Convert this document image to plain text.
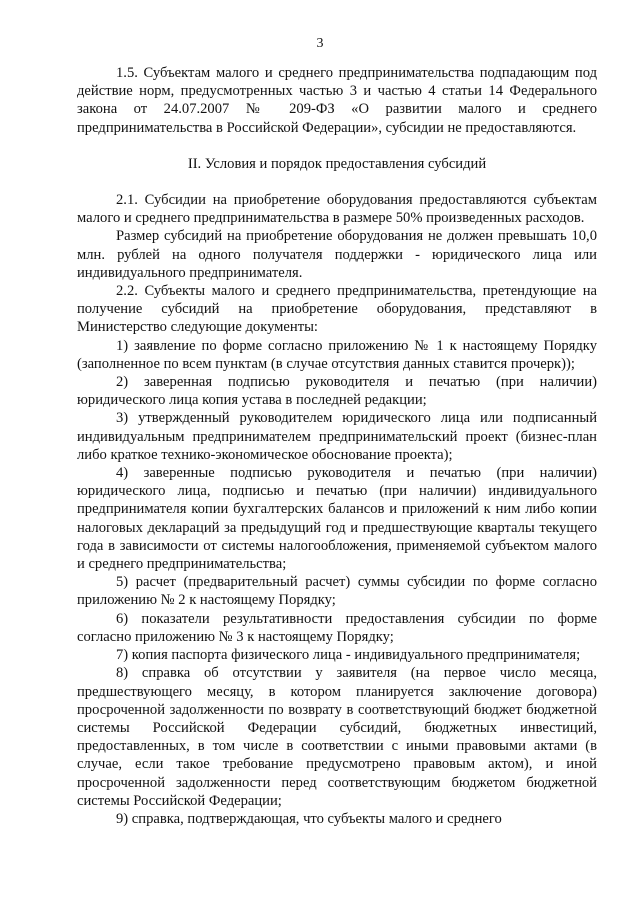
3

1.5. Субъектам малого и среднего предпринимательства подпадающим под действие норм, предусмотренных частью 3 и частью 4 статьи 14 Федерального закона от 24.07.2007 № 209-ФЗ «О развитии малого и среднего предпринимательства в Российской Федерации», субсидии не предоставляются.

II. Условия и порядок предоставления субсидий

2.1. Субсидии на приобретение оборудования предоставляются субъектам малого и среднего предпринимательства в размере 50% произведенных расходов.

Размер субсидий на приобретение оборудования не должен превышать 10,0 млн. рублей на одного получателя поддержки - юридического лица или индивидуального предпринимателя.

2.2. Субъекты малого и среднего предпринимательства, претендующие на получение субсидий на приобретение оборудования, представляют в Министерство следующие документы:

1) заявление по форме согласно приложению № 1 к настоящему Порядку (заполненное по всем пунктам (в случае отсутствия данных ставится прочерк));

2) заверенная подписью руководителя и печатью (при наличии) юридического лица копия устава в последней редакции;

3) утвержденный руководителем юридического лица или подписанный индивидуальным предпринимателем предпринимательский проект (бизнес-план либо краткое технико-экономическое обоснование проекта);

4) заверенные подписью руководителя и печатью (при наличии) юридического лица, подписью и печатью (при наличии) индивидуального предпринимателя копии бухгалтерских балансов и приложений к ним либо копии налоговых деклараций за предыдущий год и предшествующие кварталы текущего года в зависимости от системы налогообложения, применяемой субъектом малого и среднего предпринимательства;

5) расчет (предварительный расчет) суммы субсидии по форме согласно приложению № 2 к настоящему Порядку;

6) показатели результативности предоставления субсидии по форме согласно приложению № 3 к настоящему Порядку;

7) копия паспорта физического лица - индивидуального предпринимателя;

8) справка об отсутствии у заявителя (на первое число месяца, предшествующего месяцу, в котором планируется заключение договора) просроченной задолженности по возврату в соответствующий бюджет бюджетной системы Российской Федерации субсидий, бюджетных инвестиций, предоставленных, в том числе в соответствии с иными правовыми актами (в случае, если такое требование предусмотрено правовым актом), и иной просроченной задолженности перед соответствующим бюджетом бюджетной системы Российской Федерации;

9) справка, подтверждающая, что субъекты малого и среднего
